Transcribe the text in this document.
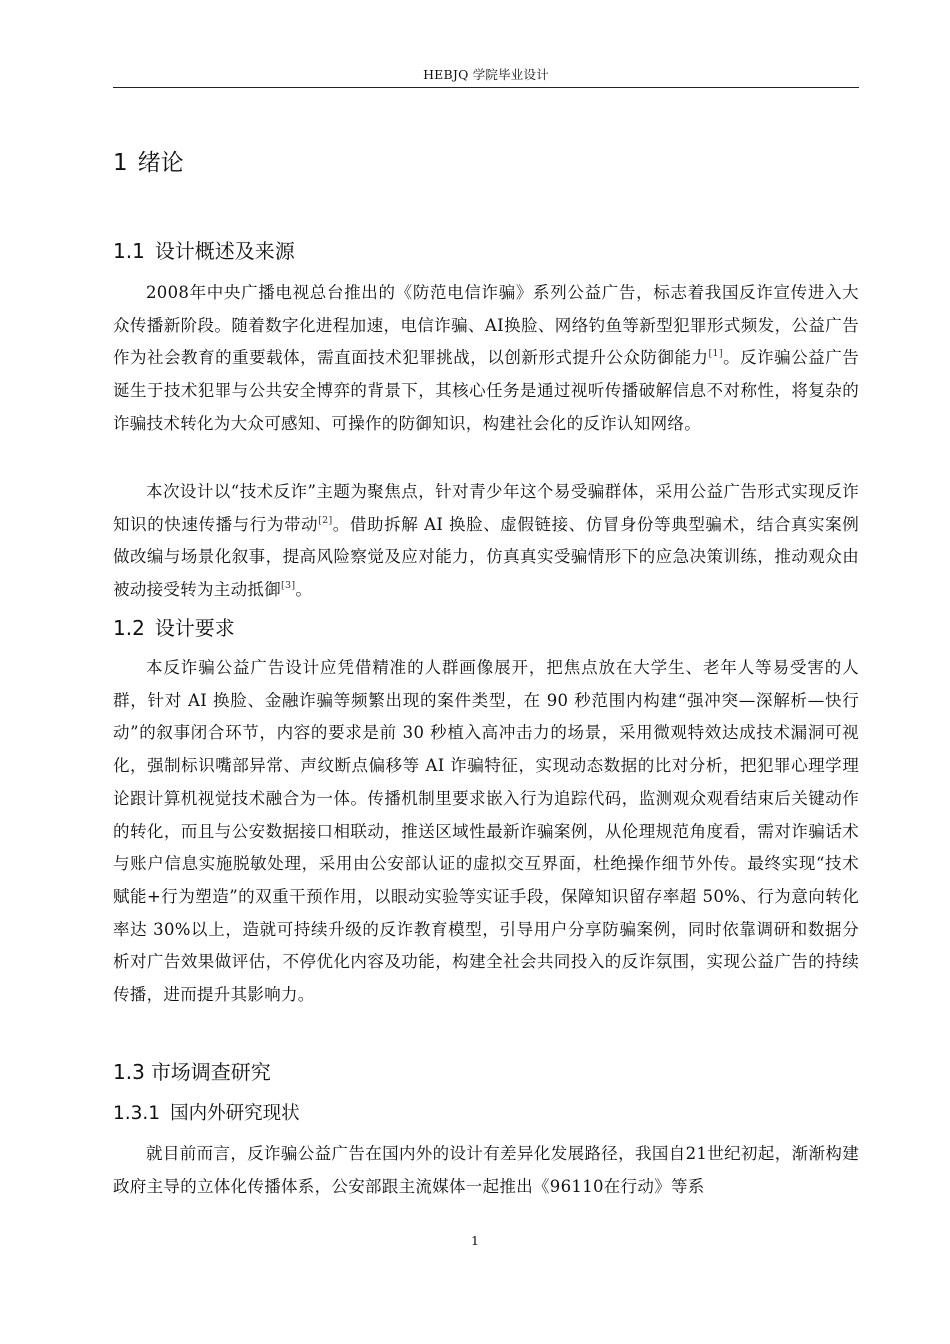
HEBJQ 学院毕业设计
1 绪论
1.1 设计概述及来源
2008年中央广播电视总台推出的《防范电信诈骗》系列公益广告，标志着我国反诈宣传进入大众传播新阶段。随着数字化进程加速，电信诈骗、AI换脸、网络钓鱼等新型犯罪形式频发，公益广告作为社会教育的重要载体，需直面技术犯罪挑战，以创新形式提升公众防御能力[1]。反诈骗公益广告诞生于技术犯罪与公共安全博弈的背景下，其核心任务是通过视听传播破解信息不对称性，将复杂的诈骗技术转化为大众可感知、可操作的防御知识，构建社会化的反诈认知网络。
本次设计以“技术反诈”主题为聚焦点，针对青少年这个易受骗群体，采用公益广告形式实现反诈知识的快速传播与行为带动[2]。借助拆解 AI 换脸、虚假链接、仿冒身份等典型骗术，结合真实案例做改编与场景化叙事，提高风险察觉及应对能力，仿真真实受骗情形下的应急决策训练，推动观众由被动接受转为主动抵御[3]。
1.2 设计要求
本反诈骗公益广告设计应凭借精准的人群画像展开，把焦点放在大学生、老年人等易受害的人群，针对 AI 换脸、金融诈骗等频繁出现的案件类型，在 90 秒范围内构建“强冲突—深解析—快行动”的叙事闭合环节，内容的要求是前 30 秒植入高冲击力的场景，采用微观特效达成技术漏洞可视化，强制标识嘴部异常、声纹断点偏移等 AI 诈骗特征，实现动态数据的比对分析，把犯罪心理学理论跟计算机视觉技术融合为一体。传播机制里要求嵌入行为追踪代码，监测观众观看结束后关键动作的转化，而且与公安数据接口相联动，推送区域性最新诈骗案例，从伦理规范角度看，需对诈骗话术与账户信息实施脱敏处理，采用由公安部认证的虚拟交互界面，杜绝操作细节外传。最终实现“技术赋能+行为塑造”的双重干预作用，以眼动实验等实证手段，保障知识留存率超 50%、行为意向转化率达 30%以上，造就可持续升级的反诈教育模型，引导用户分享防骗案例，同时依靠调研和数据分析对广告效果做评估，不停优化内容及功能，构建全社会共同投入的反诈氛围，实现公益广告的持续传播，进而提升其影响力。
1.3 市场调查研究
1.3.1 国内外研究现状
就目前而言，反诈骗公益广告在国内外的设计有差异化发展路径，我国自21世纪初起，渐渐构建政府主导的立体化传播体系，公安部跟主流媒体一起推出《96110在行动》等系
1
